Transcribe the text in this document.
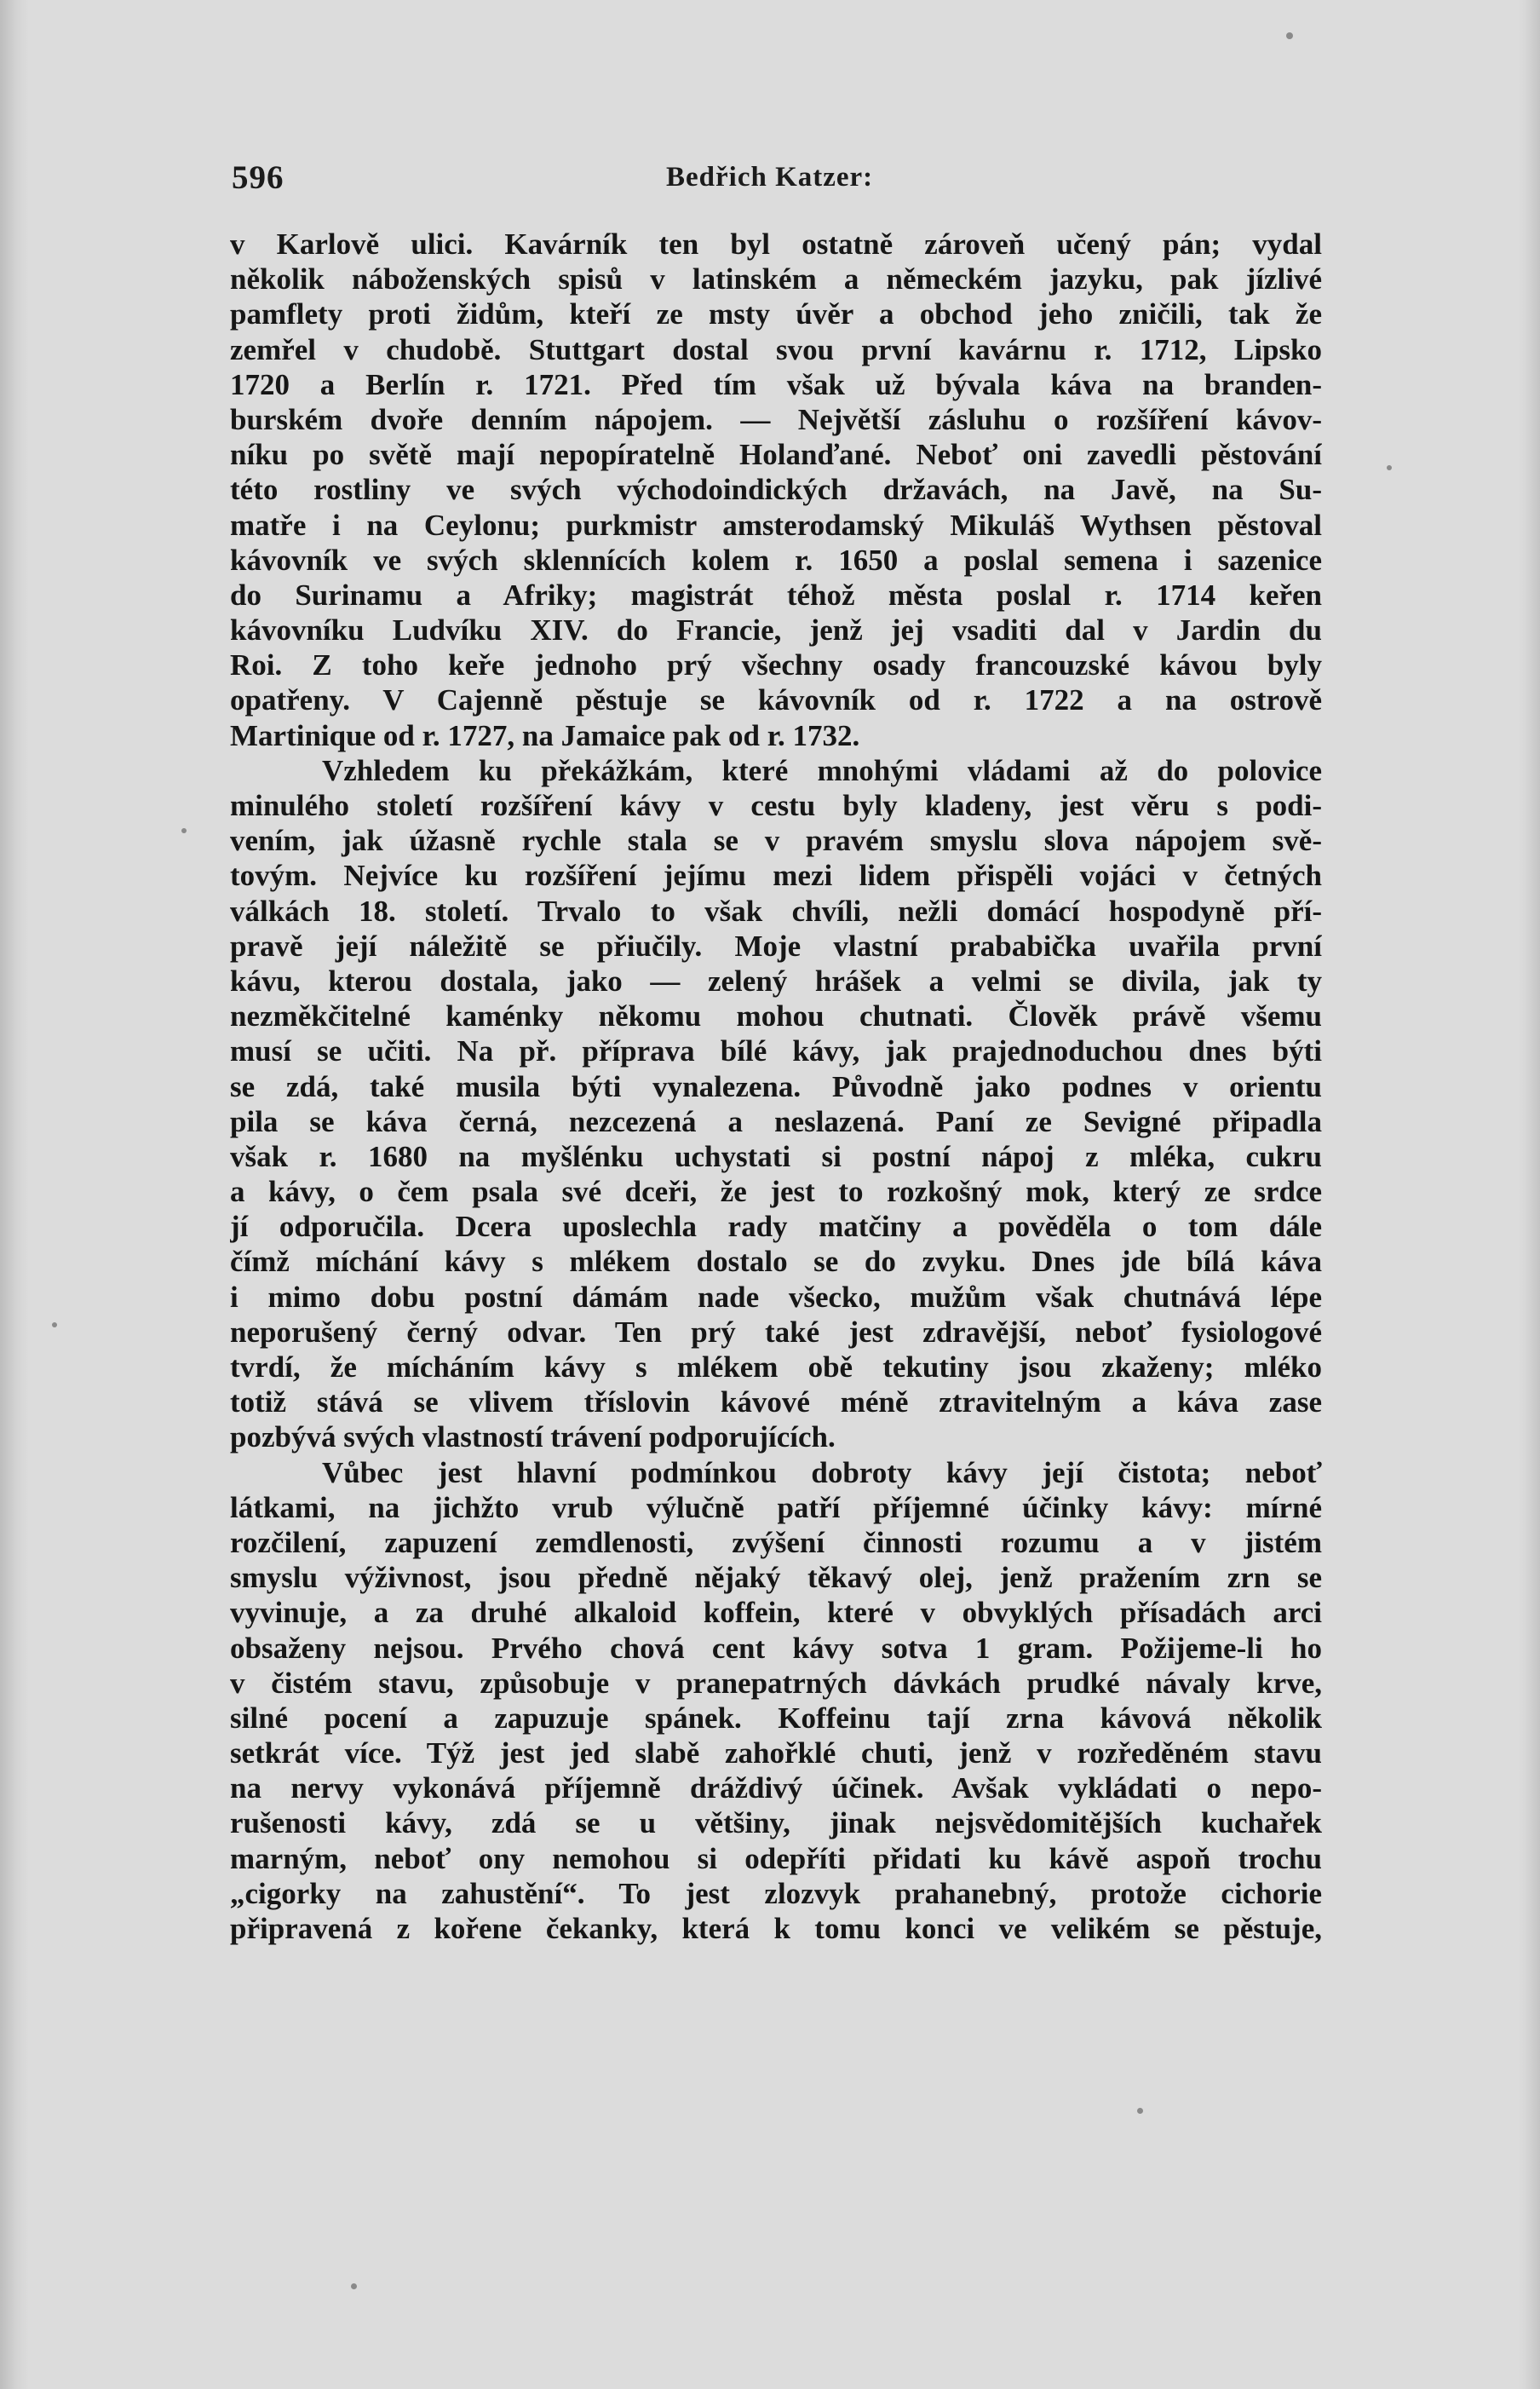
596	Bedřich Katzer:
v Karlově ulici. Kavárník ten byl ostatně zároveň učený pán; vydal
několik náboženských spisů v latinském a německém jazyku, pak jízlivé
pamflety proti židům, kteří ze msty úvěr a obchod jeho zničili, tak že
zemřel v chudobě. Stuttgart dostal svou první kavárnu r. 1712, Lipsko
1720 a Berlín r. 1721. Před tím však už bývala káva na branden-
burském dvoře denním nápojem. — Největší zásluhu o rozšíření kávov-
níku po světě mají nepopíratelně Holanďané. Neboť oni zavedli pěstování
této rostliny ve svých východoindických državách, na Javě, na Su-
matře i na Ceylonu; purkmistr amsterodamský Mikuláš Wythsen pěstoval
kávovník ve svých sklennících kolem r. 1650 a poslal semena i sazenice
do Surinamu a Afriky; magistrát téhož města poslal r. 1714 keřen
kávovníku Ludvíku XIV. do Francie, jenž jej vsaditi dal v Jardin du
Roi. Z toho keře jednoho prý všechny osady francouzské kávou byly
opatřeny. V Cajenně pěstuje se kávovník od r. 1722 a na ostrově
Martinique od r. 1727, na Jamaice pak od r. 1732.
Vzhledem ku překážkám, které mnohými vládami až do polovice
minulého století rozšíření kávy v cestu byly kladeny, jest věru s podi-
vením, jak úžasně rychle stala se v pravém smyslu slova nápojem svě-
tovým. Nejvíce ku rozšíření jejímu mezi lidem přispěli vojáci v četných
válkách 18. století. Trvalo to však chvíli, nežli domácí hospodyně pří-
pravě její náležitě se přiučily. Moje vlastní prababička uvařila první
kávu, kterou dostala, jako — zelený hrášek a velmi se divila, jak ty
nezměkčitelné kaménky někomu mohou chutnati. Člověk právě všemu
musí se učiti. Na př. příprava bílé kávy, jak prajednoduchou dnes býti
se zdá, také musila býti vynalezena. Původně jako podnes v orientu
pila se káva černá, nezcezená a neslazená. Paní ze Sevigné připadla
však r. 1680 na myšlénku uchystati si postní nápoj z mléka, cukru
a kávy, o čem psala své dceři, že jest to rozkošný mok, který ze srdce
jí odporučila. Dcera uposlechla rady matčiny a pověděla o tom dále
čímž míchání kávy s mlékem dostalo se do zvyku. Dnes jde bílá káva
i mimo dobu postní dámám nade všecko, mužům však chutnává lépe
neporušený černý odvar. Ten prý také jest zdravější, neboť fysiologové
tvrdí, že mícháním kávy s mlékem obě tekutiny jsou zkaženy; mléko
totiž stává se vlivem tříslovin kávové méně ztravitelným a káva zase
pozbývá svých vlastností trávení podporujících.
Vůbec jest hlavní podmínkou dobroty kávy její čistota; neboť
látkami, na jichžto vrub výlučně patří příjemné účinky kávy: mírné
rozčilení, zapuzení zemdlenosti, zvýšení činnosti rozumu a v jistém
smyslu výživnost, jsou předně nějaký těkavý olej, jenž pražením zrn se
vyvinuje, a za druhé alkaloid koffein, které v obvyklých přísadách arci
obsaženy nejsou. Prvého chová cent kávy sotva 1 gram. Požijeme-li ho
v čistém stavu, způsobuje v pranepatrných dávkách prudké návaly krve,
silné pocení a zapuzuje spánek. Koffeinu tají zrna kávová několik
setkrát více. Týž jest jed slabě zahořklé chuti, jenž v rozředěném stavu
na nervy vykonává příjemně dráždivý účinek. Avšak vykládati o nepo-
rušenosti kávy, zdá se u většiny, jinak nejsvědomitějších kuchařek
marným, neboť ony nemohou si odepříti přidati ku kávě aspoň trochu
„cigorky na zahustění“. To jest zlozvyk prahanebný, protože cichorie
připravená z kořene čekanky, která k tomu konci ve velikém se pěstuje,
